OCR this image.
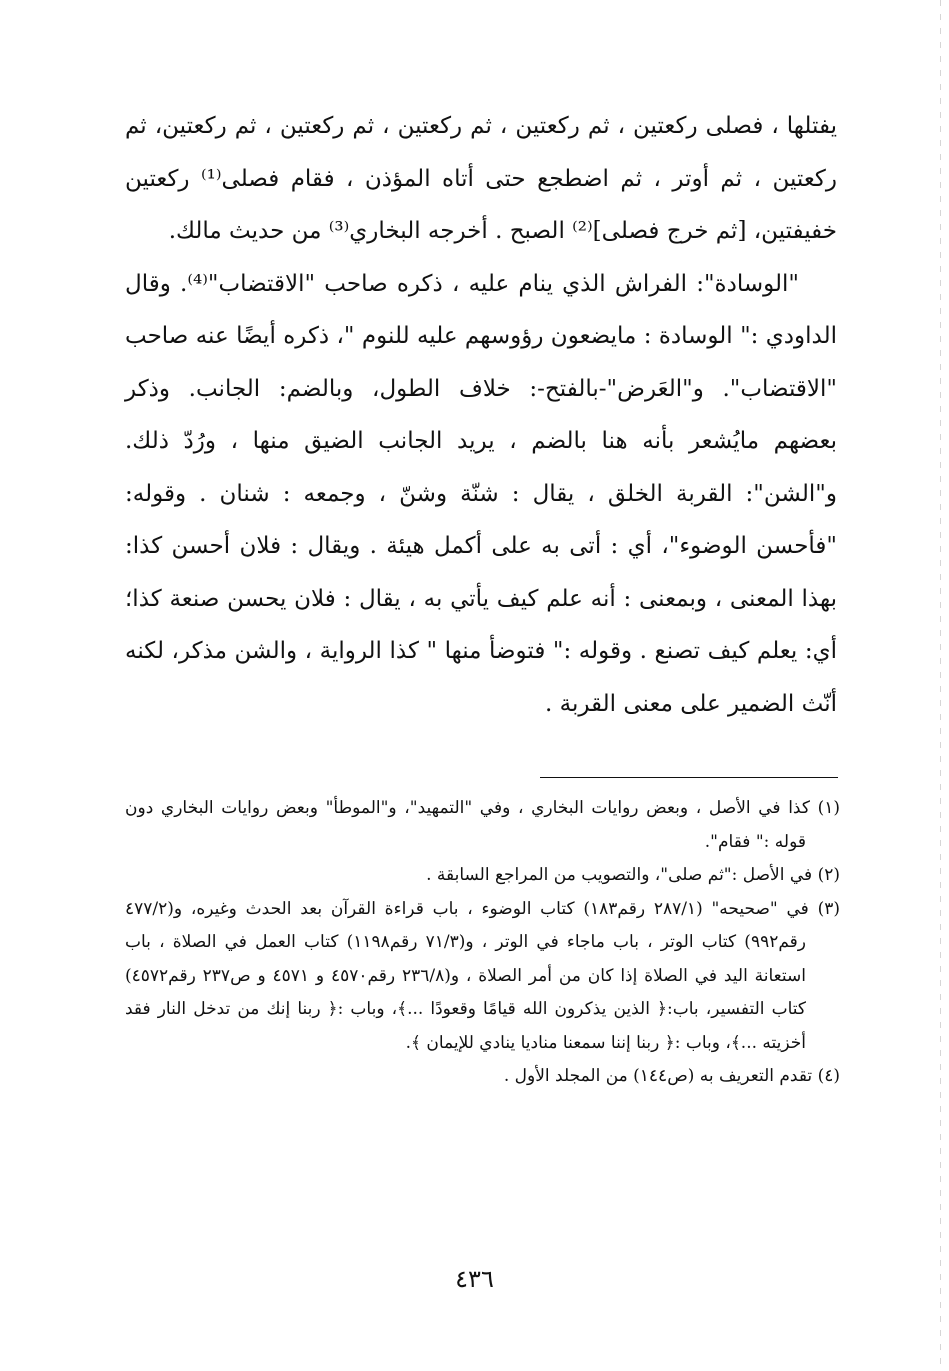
يفتلها ، فصلى ركعتين ، ثم ركعتين ، ثم ركعتين ، ثم ركعتين ، ثم ركعتين، ثم ركعتين ، ثم أوتر ، ثم اضطجع حتى أتاه المؤذن ، فقام فصلى⁽¹⁾ ركعتين خفيفتين، [ثم خرج فصلى]⁽²⁾ الصبح . أخرجه البخاري⁽³⁾ من حديث مالك.

"الوسادة": الفراش الذي ينام عليه ، ذكره صاحب "الاقتضاب"⁽⁴⁾. وقال الداودي :" الوسادة : مايضعون رؤوسهم عليه للنوم "، ذكره أيضًا عنه صاحب "الاقتضاب". و"العَرض"-بالفتح-: خلاف الطول، وبالضم: الجانب. وذكر بعضهم مايُشعر بأنه هنا بالضم ، يريد الجانب الضيق منها ، ورُدّ ذلك. و"الشن": القربة الخلق ، يقال : شنّة وشنّ ، وجمعه : شنان . وقوله: "فأحسن الوضوء"، أي : أتى به على أكمل هيئة . ويقال : فلان أحسن كذا: بهذا المعنى ، وبمعنى : أنه علم كيف يأتي به ، يقال : فلان يحسن صنعة كذا؛ أي: يعلم كيف تصنع . وقوله :" فتوضأ منها " كذا الرواية ، والشن مذكر، لكنه أنّث الضمير على معنى القربة .

(١) كذا في الأصل ، وبعض روايات البخاري ، وفي "التمهيد"، و"الموطأ" وبعض روايات البخاري دون قوله :" فقام".
(٢) في الأصل :"ثم صلى"، والتصويب من المراجع السابقة .
(٣) في "صحيحه" (٢٨٧/١ رقم١٨٣) كتاب الوضوء ، باب قراءة القرآن بعد الحدث وغيره، و(٤٧٧/٢ رقم٩٩٢) كتاب الوتر ، باب ماجاء في الوتر ، و(٧١/٣ رقم١١٩٨) كتاب العمل في الصلاة ، باب استعانة اليد في الصلاة إذا كان من أمر الصلاة ، و(٢٣٦/٨ رقم٤٥٧٠ و ٤٥٧١ و ص٢٣٧ رقم٤٥٧٢) كتاب التفسير، باب:﴿ الذين يذكرون الله قيامًا وقعودًا ...﴾، وباب :﴿ ربنا إنك من تدخل النار فقد أخزيته ...﴾، وباب :﴿ ربنا إننا سمعنا مناديا ينادي للإيمان ﴾.
(٤) تقدم التعريف به (ص١٤٤) من المجلد الأول .
٤٣٦
